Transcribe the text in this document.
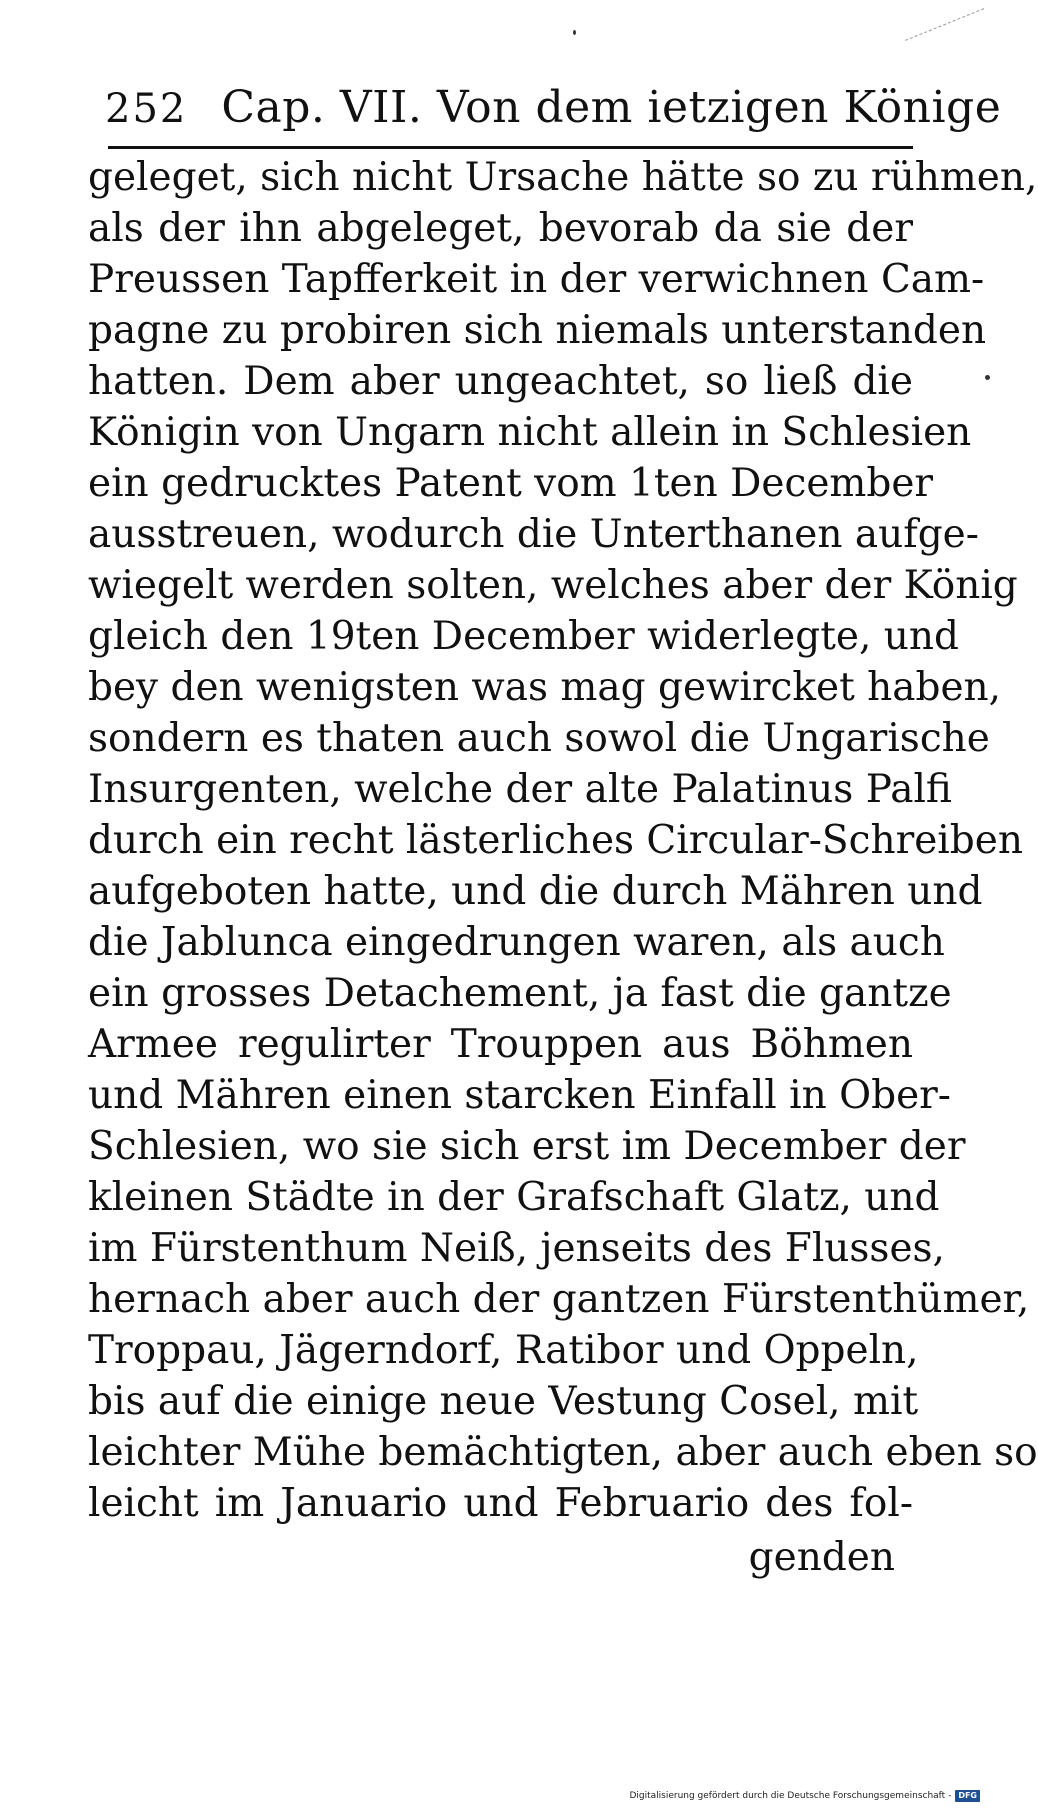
252 Cap. VII. Von dem ietzigen Könige
geleget, sich nicht Ursache hätte so zu rühmen,
als der ihn abgeleget, bevorab da sie der
Preussen Tapfferkeit in der verwichnen Cam-
pagne zu probiren sich niemals unterstanden
hatten. Dem aber ungeachtet, so ließ die
Königin von Ungarn nicht allein in Schlesien
ein gedrucktes Patent vom 1ten December
ausstreuen, wodurch die Unterthanen aufge-
wiegelt werden solten, welches aber der König
gleich den 19ten December widerlegte, und
bey den wenigsten was mag gewircket haben,
sondern es thaten auch sowol die Ungarische
Insurgenten, welche der alte Palatinus Palfi
durch ein recht lästerliches Circular-Schreiben
aufgeboten hatte, und die durch Mähren und
die Jablunca eingedrungen waren, als auch
ein grosses Detachement, ja fast die gantze
Armee regulirter Trouppen aus Böhmen
und Mähren einen starcken Einfall in Ober-
Schlesien, wo sie sich erst im December der
kleinen Städte in der Grafschaft Glatz, und
im Fürstenthum Neiß, jenseits des Flusses,
hernach aber auch der gantzen Fürstenthümer,
Troppau, Jägerndorf, Ratibor und Oppeln,
bis auf die einige neue Vestung Cosel, mit
leichter Mühe bemächtigten, aber auch eben so
leicht im Januario und Februario des fol-
genden
Digitalisierung gefördert durch die Deutsche Forschungsgemeinschaft - DFG
